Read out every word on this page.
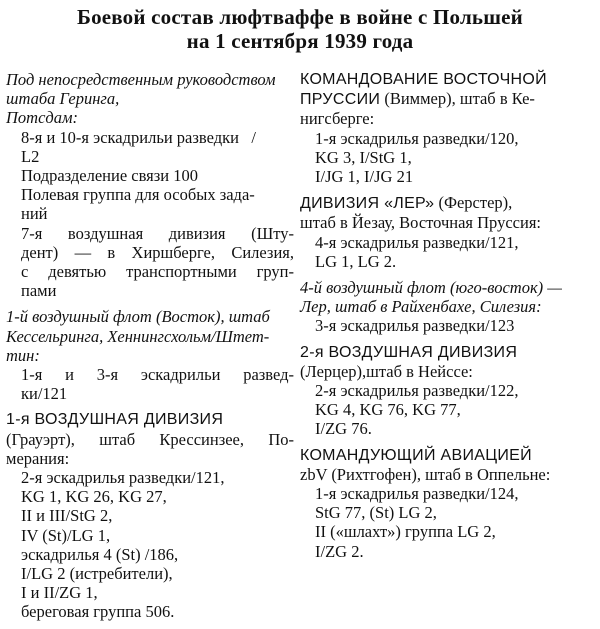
Боевой состав люфтваффе в войне с Польшей
на 1 сентября 1939 года
Под непосредственным руководством
штаба Геринга,
Потсдам:
8-я и 10-я эскадрильи разведки   /
L2
Подразделение связи 100
Полевая группа для особых зада-
ний
7-я воздушная дивизия (Шту-
дент) — в Хиршберге, Силезия,
с девятью транспортными груп-
пами
1-й воздушный флот (Восток), штаб
Кессельринга, Хеннингсхольм/Штет-
тин:
1-я и 3-я эскадрильи развед-
ки/121
1-я ВОЗДУШНАЯ ДИВИЗИЯ
(Грауэрт), штаб Крессинзее, По-
мерания:
2-я эскадрилья разведки/121,
KG 1, KG 26, KG 27,
II и III/StG 2,
IV (St)/LG 1,
эскадрилья 4 (St) /186,
I/LG 2 (истребители),
I и II/ZG 1,
береговая группа 506.
КОМАНДОВАНИЕ ВОСТОЧНОЙ
ПРУССИИ (Виммер), штаб в Ке-
нигсберге:
1-я эскадрилья разведки/120,
KG 3, I/StG 1,
I/JG 1, I/JG 21
ДИВИЗИЯ «ЛЕР» (Ферстер),
штаб в Йезау, Восточная Пруссия:
4-я эскадрилья разведки/121,
LG 1, LG 2.
4-й воздушный флот (юго-восток) —
Лер, штаб в Райхенбахе, Силезия:
3-я эскадрилья разведки/123
2-я ВОЗДУШНАЯ ДИВИЗИЯ
(Лерцер),штаб в Нейссе:
2-я эскадрилья разведки/122,
KG 4, KG 76, KG 77,
I/ZG 76.
КОМАНДУЮЩИЙ АВИАЦИЕЙ
zbV (Рихтгофен), штаб в Оппельне:
1-я эскадрилья разведки/124,
StG 77, (St) LG 2,
II («шлахт») группа LG 2,
I/ZG 2.
